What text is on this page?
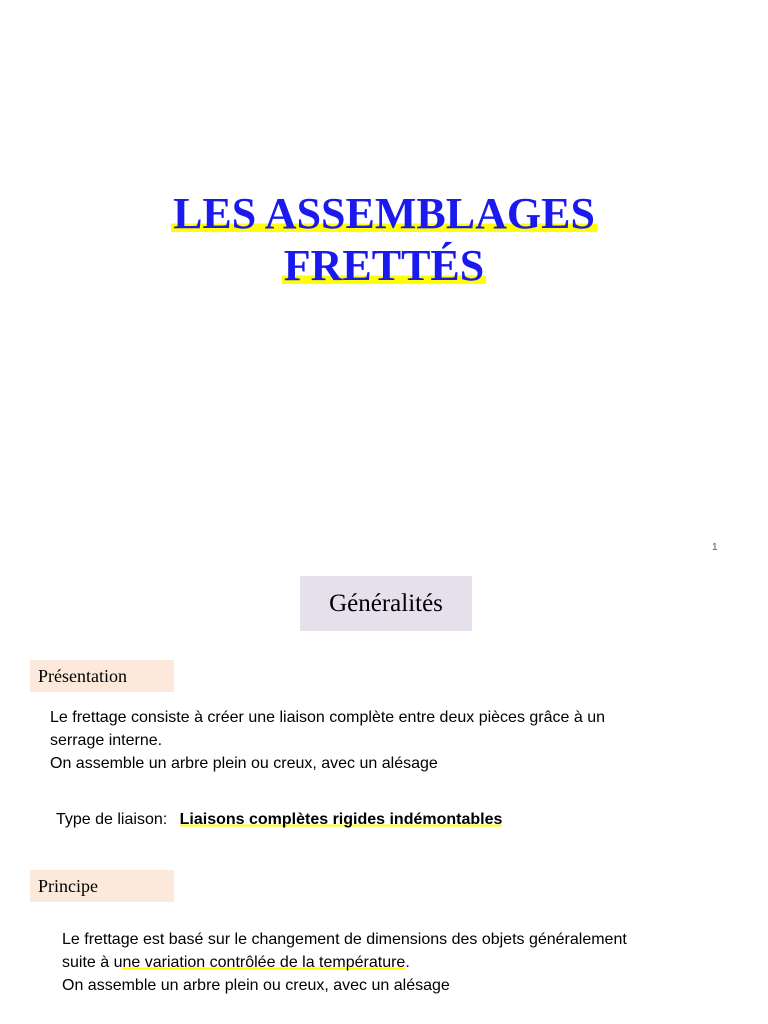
LES ASSEMBLAGES
FRETTÉS
1
Généralités
Présentation
Le frettage consiste à créer une liaison complète entre deux pièces grâce à un
serrage interne.
On assemble un arbre plein ou creux, avec un alésage
Type de liaison: Liaisons complètes rigides indémontables
Principe
Le frettage est basé sur le changement de dimensions des objets généralement
suite à une variation contrôlée de la température.
On assemble un arbre plein ou creux, avec un alésage
